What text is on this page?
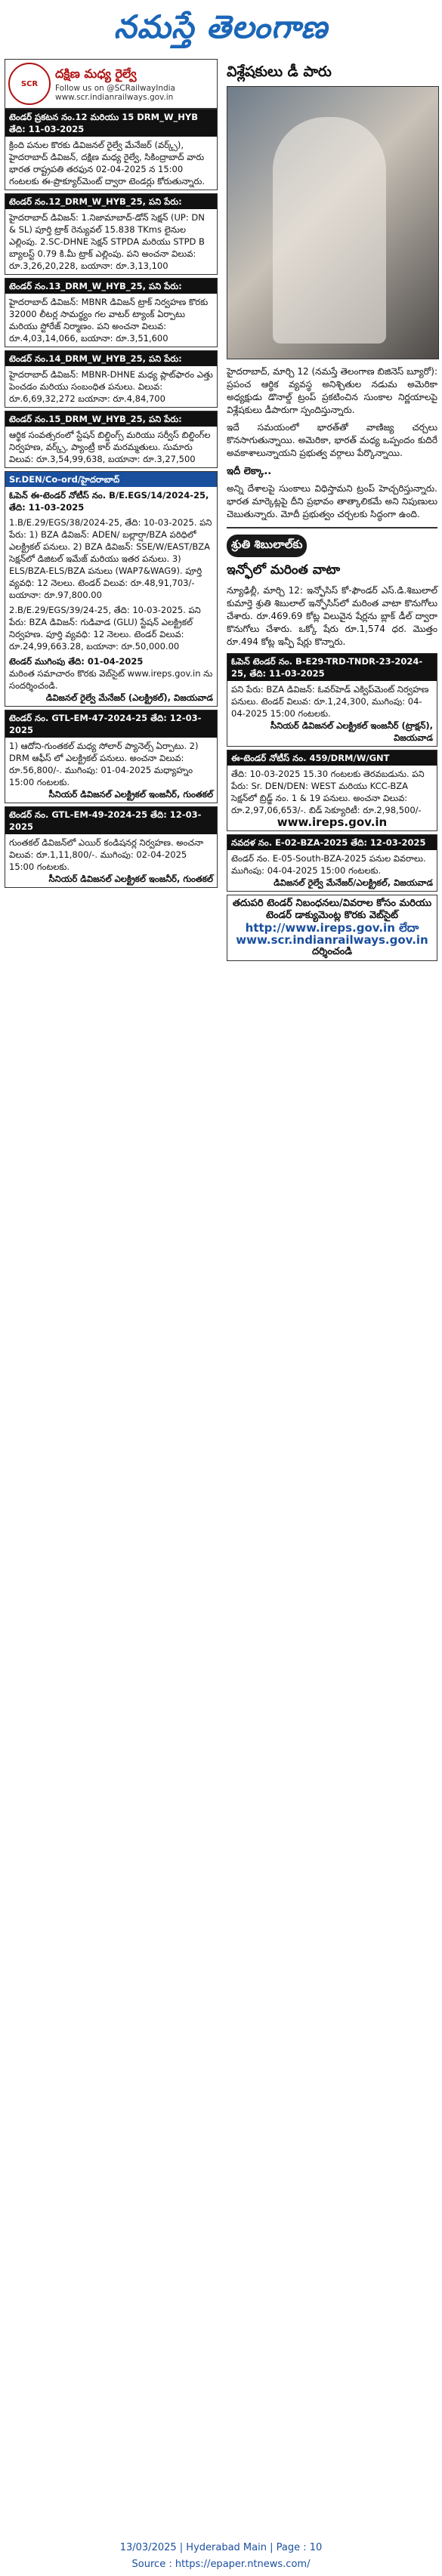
నమస్తే తెలంగాణ
SCR
దక్షిణ మధ్య రైల్వే
Follow us on @SCRailwayIndia
www.scr.indianrailways.gov.in
టెండర్ ప్రకటన నం.12 మరియు 15 DRM_W_HYB తేది: 11-03-2025
క్రింది పనుల కొరకు డివిజనల్ రైల్వే మేనేజర్ (వర్క్స్), హైదరాబాద్ డివిజన్, దక్షిణ మధ్య రైల్వే, సికింద్రాబాద్ వారు భారత రాష్ట్రపతి తరఫున 02-04-2025 న 15:00 గంటలకు ఈ-ప్రొక్యూర్‌మెంట్ ద్వారా టెండర్లు కోరుతున్నారు.
టెండర్ నం.12_DRM_W_HYB_25, పని పేరు:
హైదరాబాద్ డివిజన్: 1.నిజామాబాద్-డోన్ సెక్షన్ (UP: DN & SL) పూర్తి ట్రాక్ రెన్యువల్ 15.838 TKms లైనుల ఎల్లింపు. 2.SC-DHNE సెక్షన్ STPDA మరియు STPD B బ్యాలస్ట్ 0.79 కి.మీ ట్రాక్ ఎల్లింపు. పని అంచనా విలువ: రూ.3,26,20,228, బయానా: రూ.3,13,100
టెండర్ నం.13_DRM_W_HYB_25, పని పేరు:
హైదరాబాద్ డివిజన్: MBNR డివిజన్ ట్రాక్ నిర్వహణ కొరకు 32000 లీటర్ల సామర్థ్యం గల వాటర్ ట్యాంక్ ఏర్పాటు మరియు స్టోరేజ్ నిర్మాణం. పని అంచనా విలువ: రూ.4,03,14,066, బయానా: రూ.3,51,600
టెండర్ నం.14_DRM_W_HYB_25, పని పేరు:
హైదరాబాద్ డివిజన్: MBNR-DHNE మధ్య ప్లాట్‌ఫారం ఎత్తు పెంచడం మరియు సంబంధిత పనులు. విలువ: రూ.6,69,32,272 బయానా: రూ.4,84,700
టెండర్ నం.15_DRM_W_HYB_25, పని పేరు:
ఆర్థిక సంవత్సరంలో స్టేషన్ బిల్డింగ్స్ మరియు సర్వీస్ బిల్డింగ్‌ల నిర్వహణ, వర్క్స్, ప్యాంట్రీ కార్ మరమ్మతులు. సుమారు విలువ: రూ.3,54,99,638, బయానా: రూ.3,27,500
Sr.DEN/Co-ord/హైదరాబాద్
ఓపెన్ ఈ-టెండర్ నోటీస్ నం. B/E.EGS/14/2024-25, తేది: 11-03-2025
1.B/E.29/EGS/38/2024-25, తేది: 10-03-2025. పని పేరు: 1) BZA డివిజన్: ADEN/ బల్లార్షా/BZA పరిధిలో ఎలక్ట్రికల్ పనులు. 2) BZA డివిజన్: SSE/W/EAST/BZA సెక్షన్‌లో డిజిటల్ ఇమేజ్ మరియు ఇతర పనులు. 3) ELS/BZA-ELS/BZA పనులు (WAP7&WAG9). పూర్తి వ్యవధి: 12 నెలలు. టెండర్ విలువ: రూ.48,91,703/- బయానా: రూ.97,800.00
2.B/E.29/EGS/39/24-25, తేది: 10-03-2025. పని పేరు: BZA డివిజన్: గుడివాడ (GLU) స్టేషన్ ఎలక్ట్రికల్ నిర్వహణ. పూర్తి వ్యవధి: 12 నెలలు. టెండర్ విలువ: రూ.24,99,663.28, బయానా: రూ.50,000.00
టెండర్ ముగింపు తేది: 01-04-2025
మరింత సమాచారం కొరకు వెబ్‌సైట్ www.ireps.gov.in ను సందర్శించండి.
డివిజనల్ రైల్వే మేనేజర్ (ఎలక్ట్రికల్), విజయవాడ
టెండర్ నం. GTL-EM-47-2024-25 తేది: 12-03-2025
1) ఆదోని-గుంతకల్ మధ్య సోలార్ ప్యానెల్స్ ఏర్పాటు. 2) DRM ఆఫీస్ లో ఎలక్ట్రికల్ పనులు. అంచనా విలువ: రూ.56,800/-. ముగింపు: 01-04-2025 మధ్యాహ్నం 15:00 గంటలకు.
సీనియర్ డివిజనల్ ఎలక్ట్రికల్ ఇంజనీర్, గుంతకల్
టెండర్ నం. GTL-EM-49-2024-25 తేది: 12-03-2025
గుంతకల్ డివిజన్‌లో ఎయిర్ కండిషనర్ల నిర్వహణ. అంచనా విలువ: రూ.1,11,800/-. ముగింపు: 02-04-2025 15:00 గంటలకు.
సీనియర్ డివిజనల్ ఎలక్ట్రికల్ ఇంజనీర్, గుంతకల్
విశ్లేషకులు డీ పారు

హైదరాబాద్, మార్చి 12 (నమస్తే తెలంగాణ బిజినెస్ బ్యూరో): ప్రపంచ ఆర్థిక వ్యవస్థ అనిశ్చితుల నడుమ అమెరికా అధ్యక్షుడు డొనాల్డ్ ట్రంప్ ప్రకటించిన సుంకాల నిర్ణయాలపై విశ్లేషకులు డీపారుగా స్పందిస్తున్నారు.

ఇదే సమయంలో భారత్‌తో వాణిజ్య చర్చలు కొనసాగుతున్నాయి. అమెరికా, భారత్ మధ్య ఒప్పందం కుదిరే అవకాశాలున్నాయని ప్రభుత్వ వర్గాలు పేర్కొన్నాయి.

ఇదీ లెక్కా..

అన్ని దేశాలపై సుంకాలు విధిస్తామని ట్రంప్ హెచ్చరిస్తున్నారు. భారత మార్కెట్లపై దీని ప్రభావం తాత్కాలికమే అని నిపుణులు చెబుతున్నారు. మోదీ ప్రభుత్వం చర్చలకు సిద్ధంగా ఉంది.

శ్రుతి శిబులాల్‌కు
ఇన్ఫోలో మరింత వాటా

న్యూఢిల్లీ, మార్చి 12: ఇన్ఫోసిస్ కో-ఫౌండర్ ఎస్.డి.శిబులాల్ కుమార్తె శ్రుతి శిబులాల్ ఇన్ఫోసిస్‌లో మరింత వాటా కొనుగోలు చేశారు. రూ.469.69 కోట్ల విలువైన షేర్లను బ్లాక్ డీల్ ద్వారా కొనుగోలు చేశారు. ఒక్కో షేరు రూ.1,574 ధర. మొత్తం రూ.494 కోట్ల ఇన్ఫీ షేర్లు కొన్నారు.

ఓపెన్ టెండర్ నం. B-E29-TRD-TNDR-23-2024-25, తేది: 11-03-2025
పని పేరు: BZA డివిజన్: ఓవర్‌హెడ్ ఎక్విప్‌మెంట్ నిర్వహణ పనులు. టెండర్ విలువ: రూ.1,24,300, ముగింపు: 04-04-2025 15:00 గంటలకు.
సీనియర్ డివిజనల్ ఎలక్ట్రికల్ ఇంజనీర్ (ట్రాక్షన్), విజయవాడ
ఈ-టెండర్ నోటీస్ నం. 459/DRM/W/GNT
తేది: 10-03-2025 15.30 గంటలకు తెరవబడును. పని పేరు: Sr. DEN/DEN: WEST మరియు KCC-BZA సెక్షన్‌లో బ్రిడ్జ్ నం. 1 & 19 పనులు. అంచనా విలువ: రూ.2,97,06,653/-. బిడ్ సెక్యూరిటీ: రూ.2,98,500/-
www.ireps.gov.in
నవదళ నం. E-02-BZA-2025 తేది: 12-03-2025
టెండర్ నం. E-05-South-BZA-2025 పనుల వివరాలు. ముగింపు: 04-04-2025 15:00 గంటలకు.
డివిజనల్ రైల్వే మేనేజర్/ఎలక్ట్రికల్, విజయవాడ
తదుపరి టెండర్ నిబంధనలు/వివరాల కోసం మరియు టెండర్ డాక్యుమెంట్ల కొరకు వెబ్‌సైట్
http://www.ireps.gov.in లేదా
www.scr.indianrailways.gov.in
దర్శించండి
13/03/2025 | Hyderabad Main | Page : 10
Source : https://epaper.ntnews.com/
